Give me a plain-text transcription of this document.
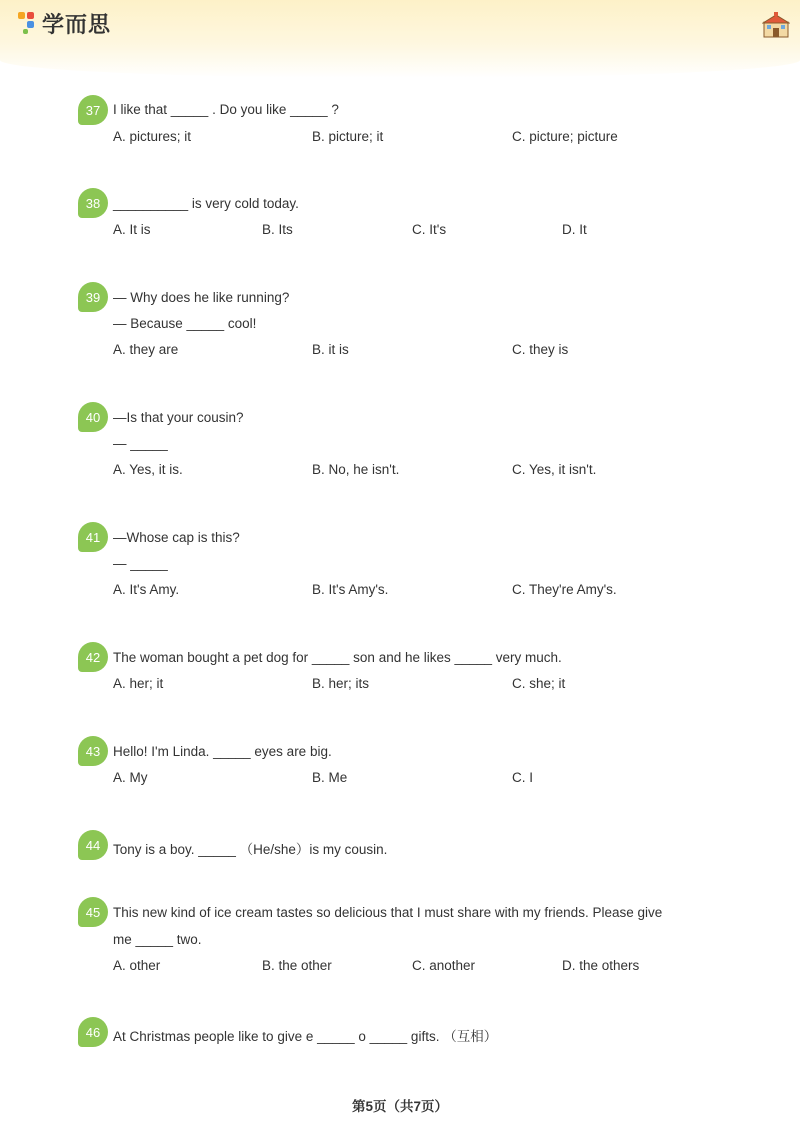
学而思
37 I like that _____ . Do you like _____ ?
A. pictures; it	B. picture; it	C. picture; picture
38 __________ is very cold today.
A. It is	B. Its	C. It's	D. It
39 — Why does he like running?
— Because _____ cool!
A. they are	B. it is	C. they is
40 —Is that your cousin?
— _____
A. Yes, it is.	B. No, he isn't.	C. Yes, it isn't.
41 —Whose cap is this?
— _____
A. It's Amy.	B. It's Amy's.	C. They're Amy's.
42 The woman bought a pet dog for _____ son and he likes _____ very much.
A. her; it	B. her; its	C. she; it
43 Hello! I'm Linda. _____ eyes are big.
A. My	B. Me	C. I
44 Tony is a boy. _____ （He/she）is my cousin.
45 This new kind of ice cream tastes so delicious that I must share with my friends. Please give
me _____ two.
A. other	B. the other	C. another	D. the others
46 At Christmas people like to give e _____ o _____ gifts. （互相）
第5页（共7页）
